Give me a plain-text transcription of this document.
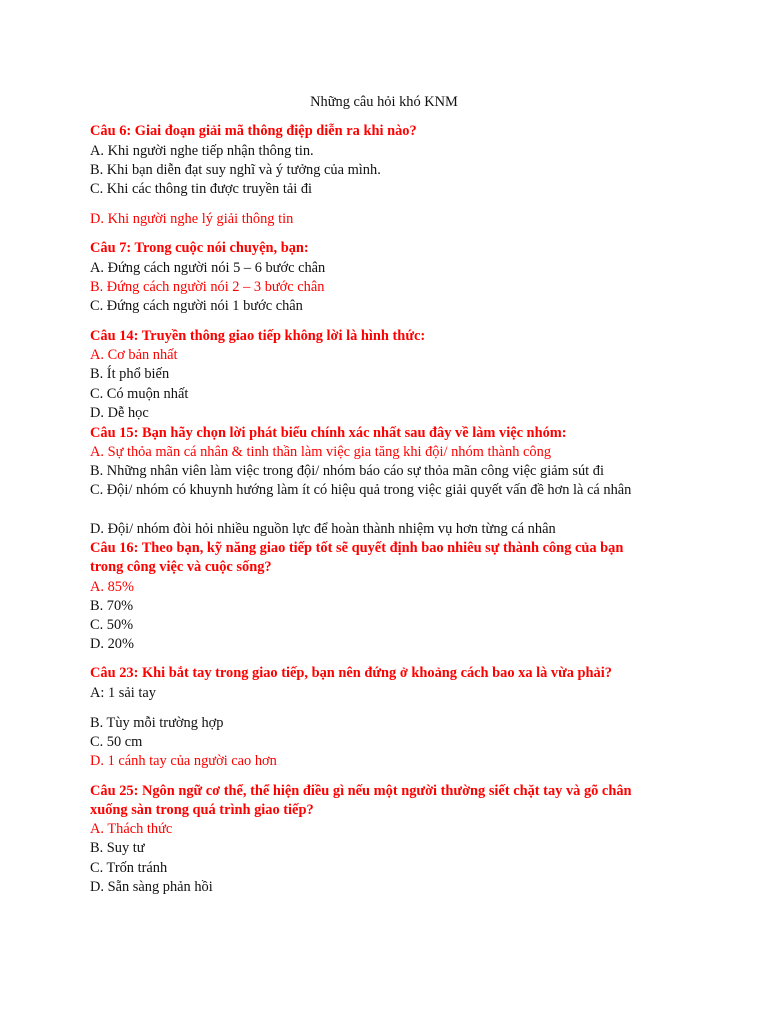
Những câu hỏi khó KNM
Câu 6: Giai đoạn giải mã thông điệp diễn ra khi nào?
A. Khi người nghe tiếp nhận thông tin.
B. Khi bạn diễn đạt suy nghĩ và ý tưởng của mình.
C. Khi các thông tin được truyền tải đi
D. Khi người nghe lý giải thông tin
Câu 7: Trong cuộc nói chuyện, bạn:
A. Đứng cách người nói 5 – 6 bước chân
B. Đứng cách người nói 2 – 3 bước chân
C. Đứng cách người nói 1 bước chân
Câu 14: Truyền thông giao tiếp không lời là hình thức:
A. Cơ bản nhất
B. Ít phổ biến
C. Có muộn nhất
D. Dễ học
Câu 15: Bạn hãy chọn lời phát biểu chính xác nhất sau đây về làm việc nhóm:
A. Sự thỏa mãn cá nhân & tinh thần làm việc gia tăng khi đội/ nhóm thành công
B. Những nhân viên làm việc trong đội/ nhóm báo cáo sự thỏa mãn công việc giảm sút đi
C. Đội/ nhóm có khuynh hướng làm ít có hiệu quả trong việc giải quyết vấn đề hơn là cá nhân
D. Đội/ nhóm đòi hỏi nhiều nguồn lực để hoàn thành nhiệm vụ hơn từng cá nhân
Câu 16: Theo bạn, kỹ năng giao tiếp tốt sẽ quyết định bao nhiêu sự thành công của bạn trong công việc và cuộc sống?
A. 85%
B. 70%
C. 50%
D. 20%
Câu 23: Khi bắt tay trong giao tiếp, bạn nên đứng ở khoảng cách bao xa là vừa phải?
A: 1 sải tay
B. Tùy mỗi trường hợp
C. 50 cm
D. 1 cánh tay của người cao hơn
Câu 25: Ngôn ngữ cơ thể, thể hiện điều gì nếu một người thường siết chặt tay và gõ chân xuống sàn trong quá trình giao tiếp?
A. Thách thức
B. Suy tư
C. Trốn tránh
D. Sẵn sàng phản hồi
